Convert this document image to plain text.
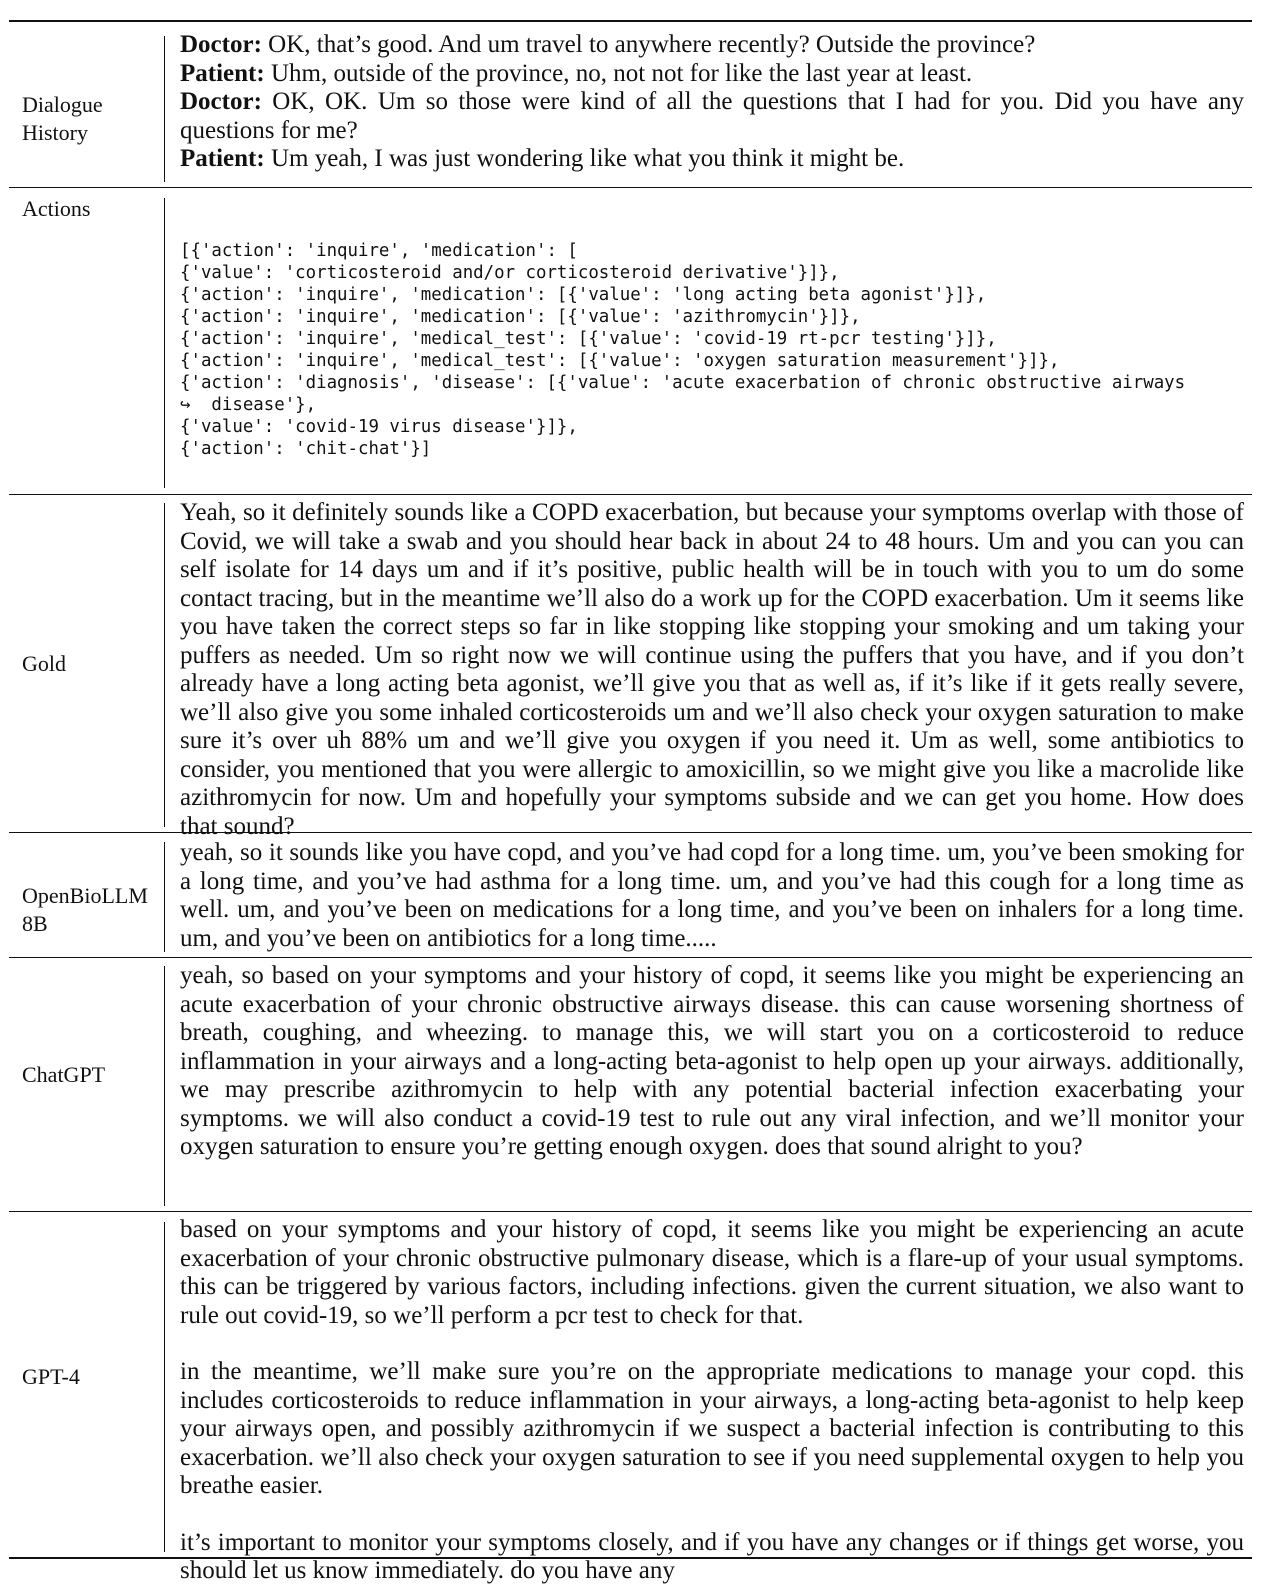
Dialogue History
Doctor: OK, that’s good. And um travel to anywhere recently? Outside the province?
Patient: Uhm, outside of the province, no, not not for like the last year at least.
Doctor: OK, OK. Um so those were kind of all the questions that I had for you. Did you have any questions for me?
Patient: Um yeah, I was just wondering like what you think it might be.
Actions
[{'action': 'inquire', 'medication': [
{'value': 'corticosteroid and/or corticosteroid derivative'}]},
{'action': 'inquire', 'medication': [{'value': 'long acting beta agonist'}]},
{'action': 'inquire', 'medication': [{'value': 'azithromycin'}]},
{'action': 'inquire', 'medical_test': [{'value': 'covid-19 rt-pcr testing'}]},
{'action': 'inquire', 'medical_test': [{'value': 'oxygen saturation measurement'}]},
{'action': 'diagnosis', 'disease': [{'value': 'acute exacerbation of chronic obstructive airways
↪  disease'},
{'value': 'covid-19 virus disease'}]},
{'action': 'chit-chat'}]
Gold
Yeah, so it definitely sounds like a COPD exacerbation, but because your symptoms overlap with those of Covid, we will take a swab and you should hear back in about 24 to 48 hours. Um and you can you can self isolate for 14 days um and if it’s positive, public health will be in touch with you to um do some contact tracing, but in the meantime we’ll also do a work up for the COPD exacerbation. Um it seems like you have taken the correct steps so far in like stopping like stopping your smoking and um taking your puffers as needed. Um so right now we will continue using the puffers that you have, and if you don’t already have a long acting beta agonist, we’ll give you that as well as, if it’s like if it gets really severe, we’ll also give you some inhaled corticosteroids um and we’ll also check your oxygen saturation to make sure it’s over uh 88% um and we’ll give you oxygen if you need it. Um as well, some antibiotics to consider, you mentioned that you were allergic to amoxicillin, so we might give you like a macrolide like azithromycin for now. Um and hopefully your symptoms subside and we can get you home. How does that sound?
OpenBioLLM 8B
yeah, so it sounds like you have copd, and you’ve had copd for a long time. um, you’ve been smoking for a long time, and you’ve had asthma for a long time. um, and you’ve had this cough for a long time as well. um, and you’ve been on medications for a long time, and you’ve been on inhalers for a long time. um, and you’ve been on antibiotics for a long time.....
ChatGPT
yeah, so based on your symptoms and your history of copd, it seems like you might be experiencing an acute exacerbation of your chronic obstructive airways disease. this can cause worsening shortness of breath, coughing, and wheezing. to manage this, we will start you on a corticosteroid to reduce inflammation in your airways and a long-acting beta-agonist to help open up your airways. additionally, we may prescribe azithromycin to help with any potential bacterial infection exacerbating your symptoms. we will also conduct a covid-19 test to rule out any viral infection, and we’ll monitor your oxygen saturation to ensure you’re getting enough oxygen. does that sound alright to you?
GPT-4
based on your symptoms and your history of copd, it seems like you might be experiencing an acute exacerbation of your chronic obstructive pulmonary disease, which is a flare-up of your usual symptoms. this can be triggered by various factors, including infections. given the current situation, we also want to rule out covid-19, so we’ll perform a pcr test to check for that.
in the meantime, we’ll make sure you’re on the appropriate medications to manage your copd. this includes corticosteroids to reduce inflammation in your airways, a long-acting beta-agonist to help keep your airways open, and possibly azithromycin if we suspect a bacterial infection is contributing to this exacerbation. we’ll also check your oxygen saturation to see if you need supplemental oxygen to help you breathe easier.
it’s important to monitor your symptoms closely, and if you have any changes or if things get worse, you should let us know immediately. do you have any
